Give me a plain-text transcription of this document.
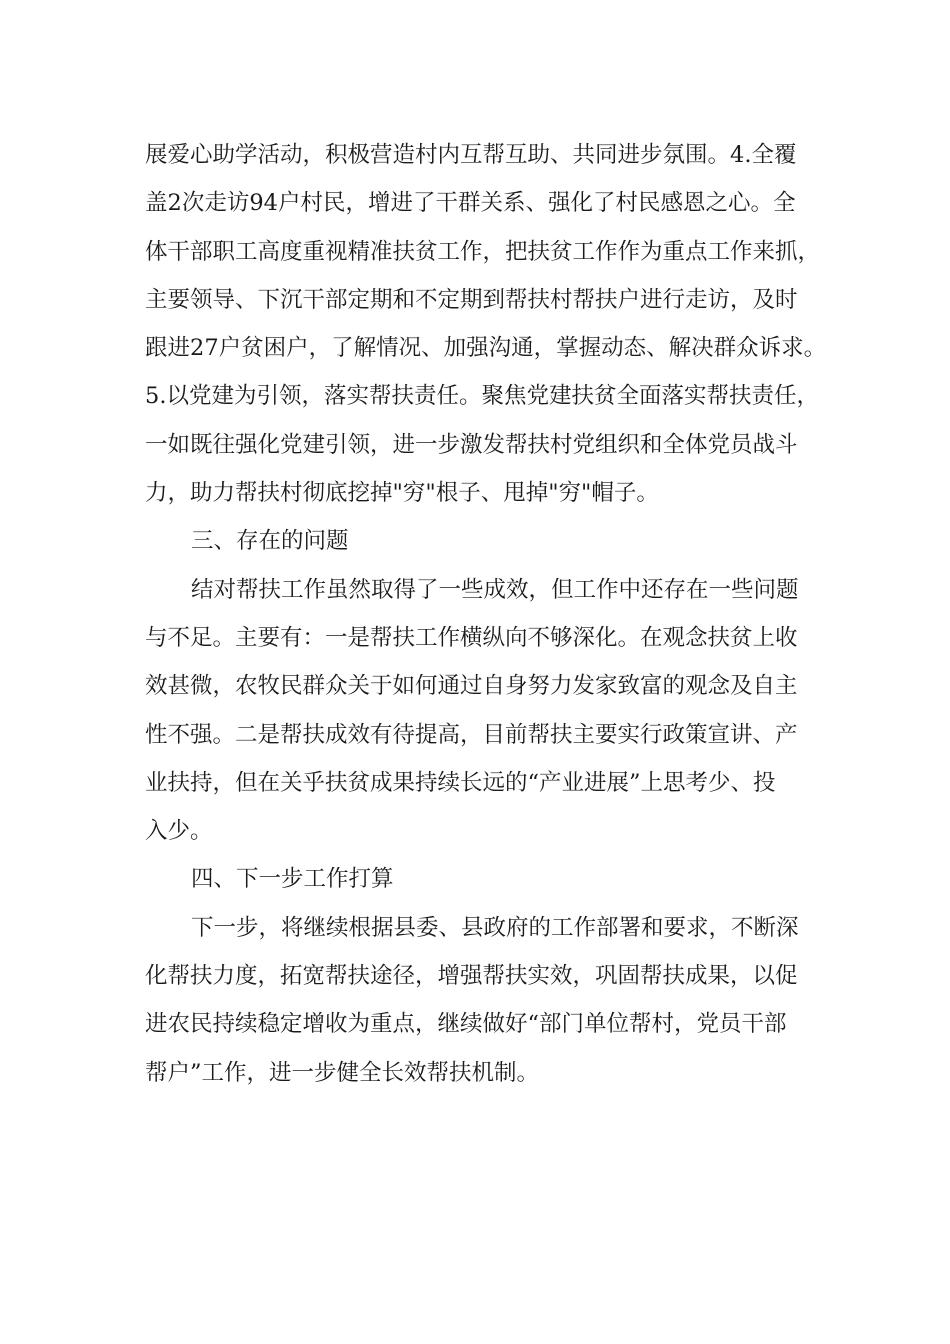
展爱心助学活动，积极营造村内互帮互助、共同进步氛围。4.全覆
盖2次走访94户村民，增进了干群关系、强化了村民感恩之心。全
体干部职工高度重视精准扶贫工作，把扶贫工作作为重点工作来抓，
主要领导、下沉干部定期和不定期到帮扶村帮扶户进行走访，及时
跟进27户贫困户，了解情况、加强沟通，掌握动态、解决群众诉求。
5.以党建为引领，落实帮扶责任。聚焦党建扶贫全面落实帮扶责任，
一如既往强化党建引领，进一步激发帮扶村党组织和全体党员战斗
力，助力帮扶村彻底挖掉"穷"根子、甩掉"穷"帽子。
三、存在的问题
结对帮扶工作虽然取得了一些成效，但工作中还存在一些问题
与不足。主要有：一是帮扶工作横纵向不够深化。在观念扶贫上收
效甚微，农牧民群众关于如何通过自身努力发家致富的观念及自主
性不强。二是帮扶成效有待提高，目前帮扶主要实行政策宣讲、产
业扶持，但在关乎扶贫成果持续长远的“产业进展”上思考少、投
入少。
四、下一步工作打算
下一步，将继续根据县委、县政府的工作部署和要求，不断深
化帮扶力度，拓宽帮扶途径，增强帮扶实效，巩固帮扶成果，以促
进农民持续稳定增收为重点，继续做好“部门单位帮村，党员干部
帮户”工作，进一步健全长效帮扶机制。
